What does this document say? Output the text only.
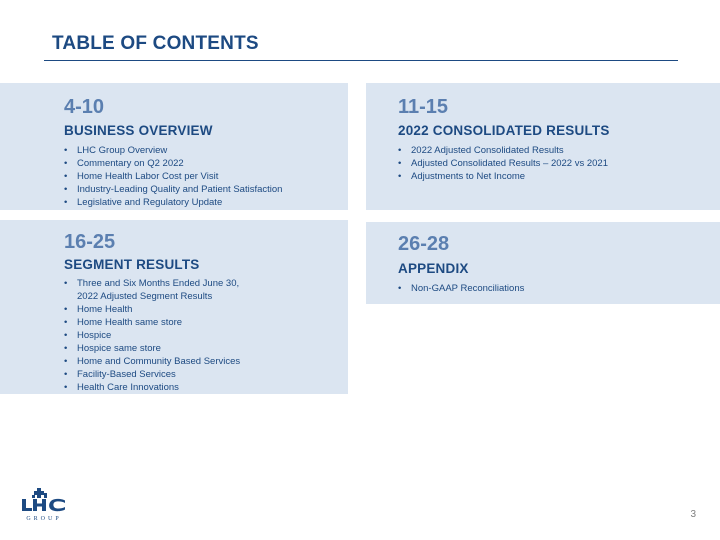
TABLE OF CONTENTS
4-10
BUSINESS OVERVIEW
• LHC Group Overview
• Commentary on Q2 2022
• Home Health Labor Cost per Visit
• Industry-Leading Quality and Patient Satisfaction
• Legislative and Regulatory Update
11-15
2022 CONSOLIDATED RESULTS
• 2022 Adjusted Consolidated Results
• Adjusted Consolidated Results – 2022 vs 2021
• Adjustments to Net Income
16-25
SEGMENT RESULTS
• Three and Six Months Ended June 30,
2022 Adjusted Segment Results
• Home Health
• Home Health same store
• Hospice
• Hospice same store
• Home and Community Based Services
• Facility-Based Services
• Health Care Innovations
26-28
APPENDIX
• Non-GAAP Reconciliations
GROUP	3
